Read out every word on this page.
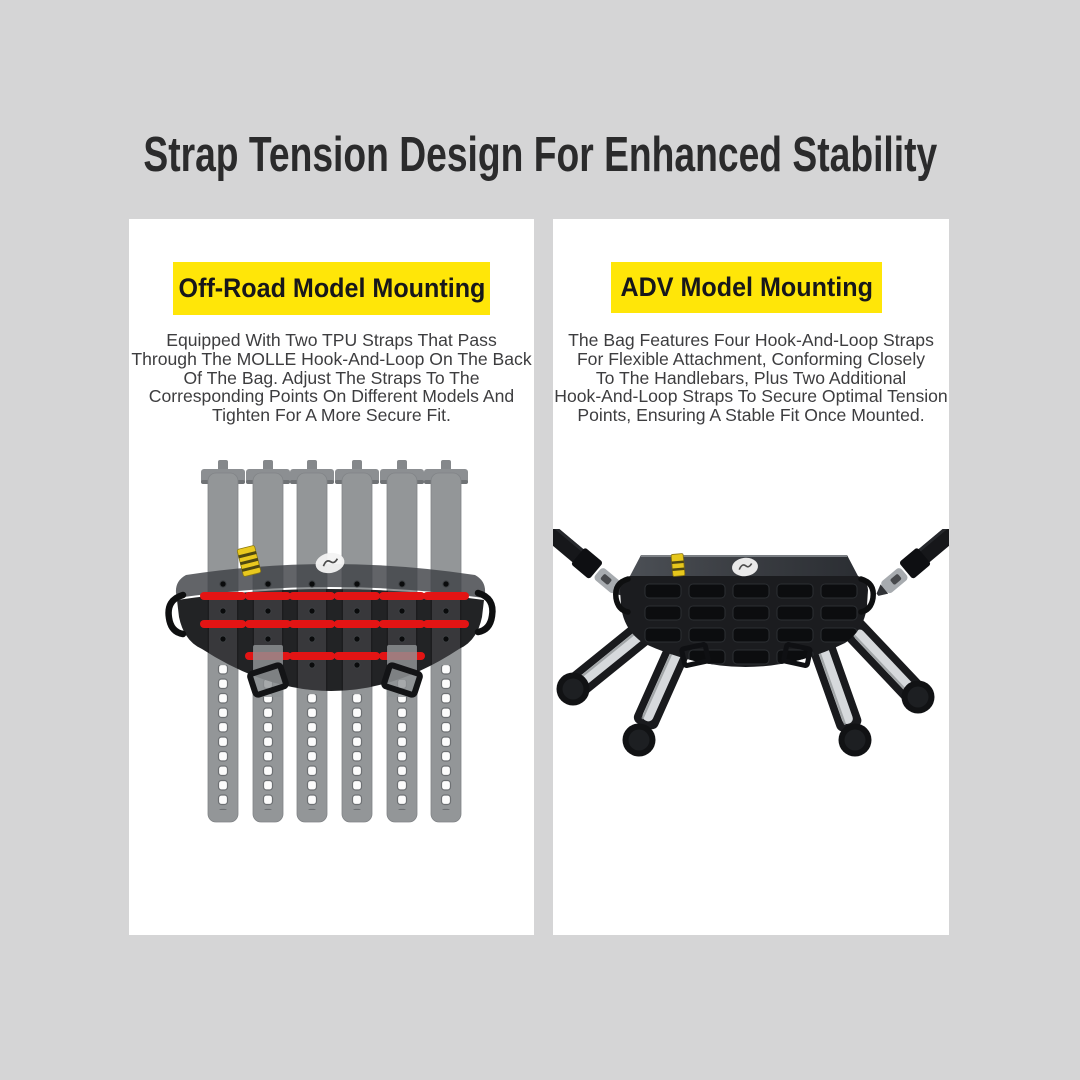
Strap Tension Design For Enhanced Stability
Off-Road Model Mounting
Equipped With Two TPU Straps That Pass
Through The MOLLE Hook-And-Loop On The Back
Of The Bag. Adjust The Straps To The
Corresponding Points On Different Models And
Tighten For A More Secure Fit.
ADV Model Mounting
The Bag Features Four Hook-And-Loop Straps
For Flexible Attachment, Conforming Closely
To The Handlebars, Plus Two Additional
Hook-And-Loop Straps To Secure Optimal Tension
Points, Ensuring A Stable Fit Once Mounted.
